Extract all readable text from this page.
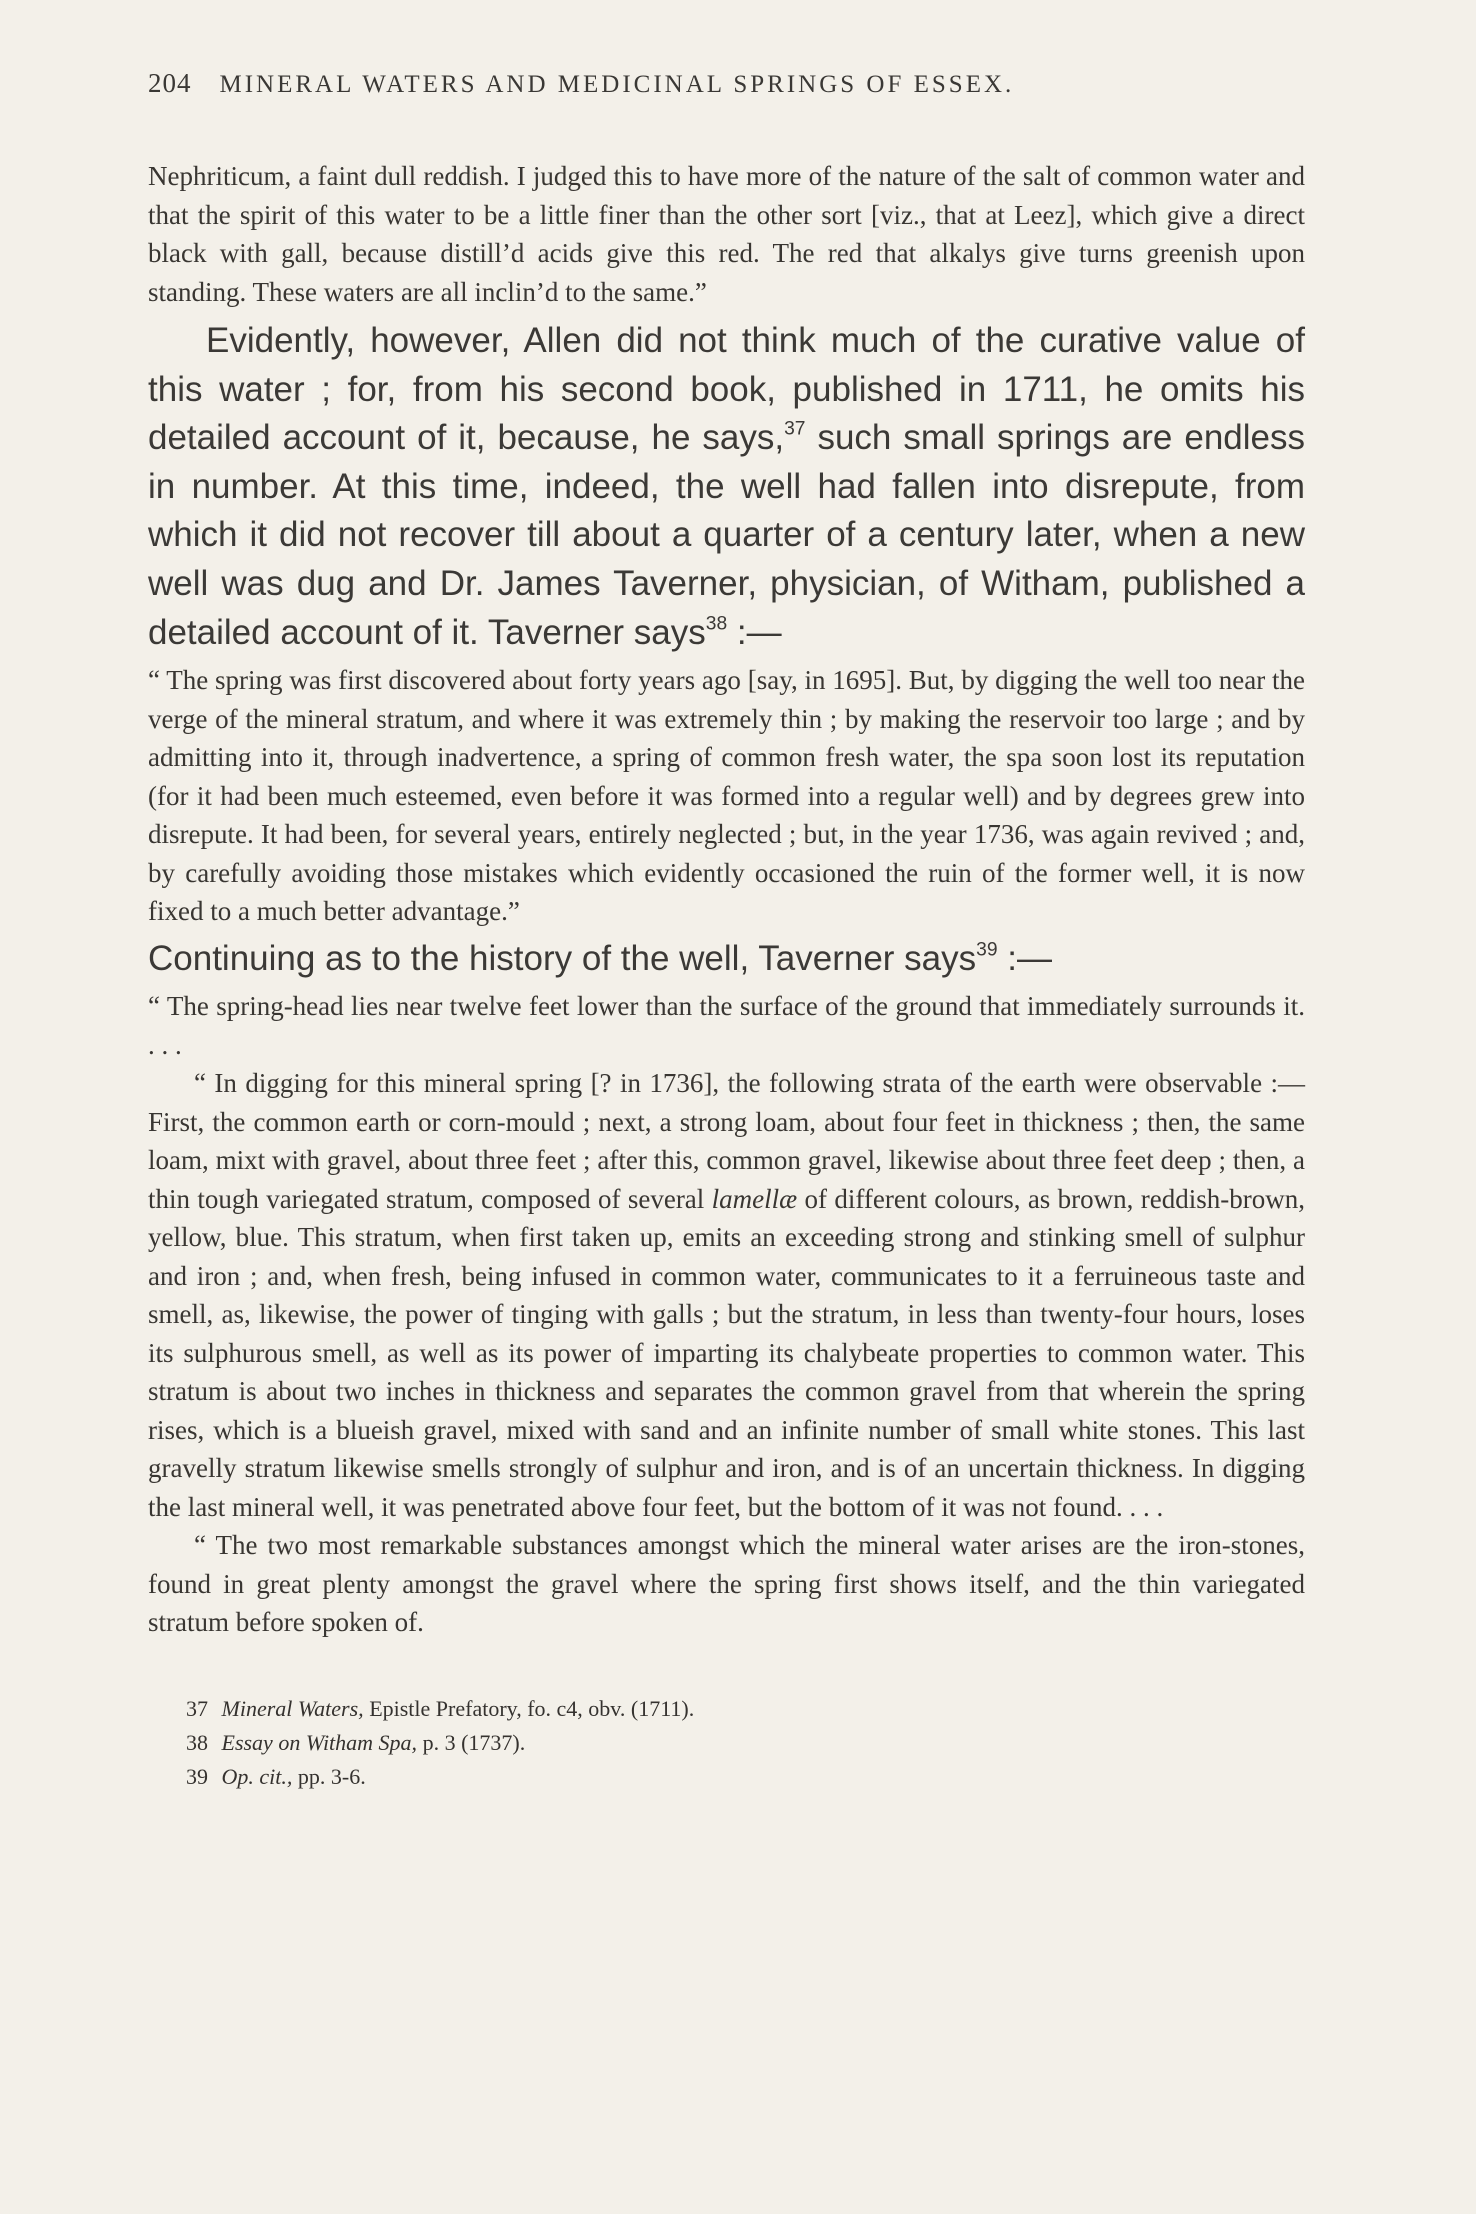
204 MINERAL WATERS AND MEDICINAL SPRINGS OF ESSEX.

Nephriticum, a faint dull reddish. I judged this to have more of the nature of the salt of common water and that the spirit of this water to be a little finer than the other sort [viz., that at Leez], which give a direct black with gall, because distill’d acids give this red. The red that alkalys give turns greenish upon standing. These waters are all inclin’d to the same.”

Evidently, however, Allen did not think much of the curative value of this water ; for, from his second book, published in 1711, he omits his detailed account of it, because, he says,$^{37}$ such small springs are endless in number. At this time, indeed, the well had fallen into disrepute, from which it did not recover till about a quarter of a century later, when a new well was dug and Dr. James Taverner, physician, of Witham, published a detailed account of it. Taverner says$^{38}$ :—

“ The spring was first discovered about forty years ago [say, in 1695]. But, by digging the well too near the verge of the mineral stratum, and where it was extremely thin ; by making the reservoir too large ; and by admitting into it, through inadvertence, a spring of common fresh water, the spa soon lost its reputation (for it had been much esteemed, even before it was formed into a regular well) and by degrees grew into disrepute. It had been, for several years, entirely neglected ; but, in the year 1736, was again revived ; and, by carefully avoiding those mistakes which evidently occasioned the ruin of the former well, it is now fixed to a much better advantage.”

Continuing as to the history of the well, Taverner says$^{39}$ :—

“ The spring-head lies near twelve feet lower than the surface of the ground that immediately surrounds it. . . .

“ In digging for this mineral spring [? in 1736], the following strata of the earth were observable :—First, the common earth or corn-mould ; next, a strong loam, about four feet in thickness ; then, the same loam, mixt with gravel, about three feet ; after this, common gravel, likewise about three feet deep ; then, a thin tough variegated stratum, composed of several lamellæ of different colours, as brown, reddish-brown, yellow, blue. This stratum, when first taken up, emits an exceeding strong and stinking smell of sulphur and iron ; and, when fresh, being infused in common water, communicates to it a ferruineous taste and smell, as, likewise, the power of tinging with galls ; but the stratum, in less than twenty-four hours, loses its sulphurous smell, as well as its power of imparting its chalybeate properties to common water. This stratum is about two inches in thickness and separates the common gravel from that wherein the spring rises, which is a blueish gravel, mixed with sand and an infinite number of small white stones. This last gravelly stratum likewise smells strongly of sulphur and iron, and is of an uncertain thickness. In digging the last mineral well, it was penetrated above four feet, but the bottom of it was not found. . . .

“ The two most remarkable substances amongst which the mineral water arises are the iron-stones, found in great plenty amongst the gravel where the spring first shows itself, and the thin variegated stratum before spoken of.

37 Mineral Waters, Epistle Prefatory, fo. c4, obv. (1711).
38 Essay on Witham Spa, p. 3 (1737).
39 Op. cit., pp. 3-6.
